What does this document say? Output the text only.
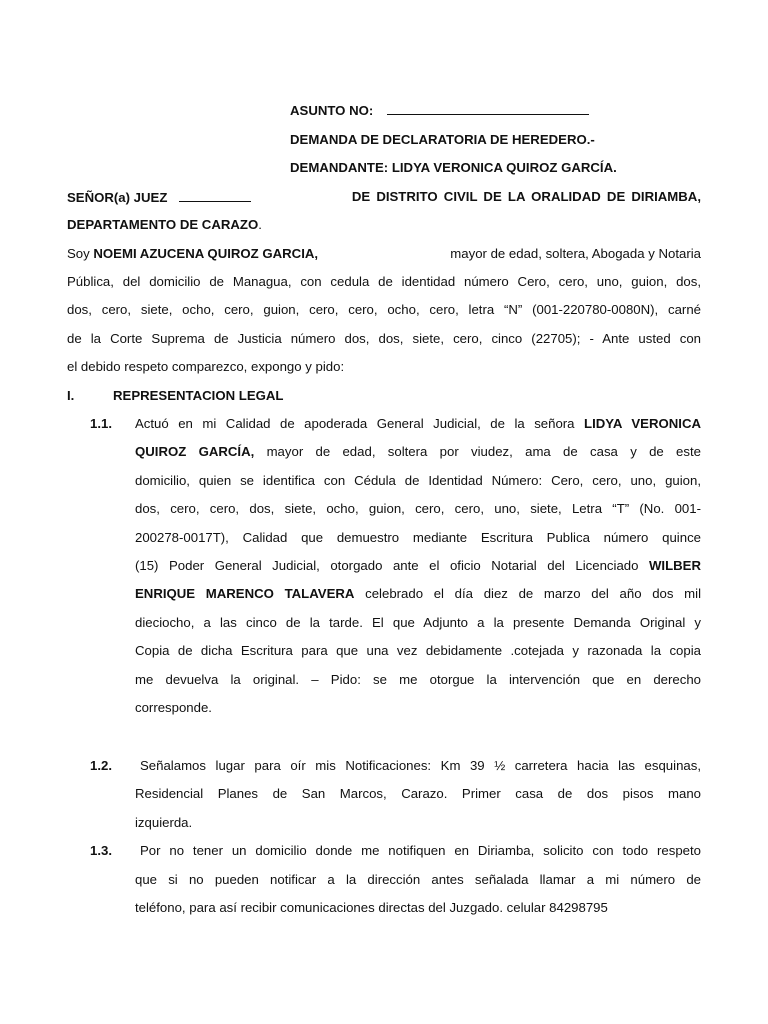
ASUNTO NO:
DEMANDA DE DECLARATORIA DE HEREDERO.-
DEMANDANTE: LIDYA VERONICA QUIROZ GARCÍA.
SEÑOR(a) JUEZ	DE DISTRITO CIVIL DE LA ORALIDAD DE DIRIAMBA,
DEPARTAMENTO DE CARAZO.
Soy NOEMI AZUCENA QUIROZ GARCIA,	mayor de edad, soltera, Abogada y Notaria
Pública, del domicilio de Managua, con cedula de identidad número Cero, cero, uno, guion, dos,
dos, cero, siete, ocho, cero, guion, cero, cero, ocho, cero, letra “N” (001-220780-0080N), carné
de la Corte Suprema de Justicia número dos, dos, siete, cero, cinco (22705); - Ante usted con
el debido respeto comparezco, expongo y pido:
I.	REPRESENTACION LEGAL
1.1. Actuó en mi Calidad de apoderada General Judicial, de la señora LIDYA VERONICA
QUIROZ GARCÍA, mayor de edad, soltera por viudez, ama de casa y de este
domicilio, quien se identifica con Cédula de Identidad Número: Cero, cero, uno, guion,
dos, cero, cero, dos, siete, ocho, guion, cero, cero, uno, siete, Letra “T” (No. 001-
200278-0017T), Calidad que demuestro mediante Escritura Publica número quince
(15) Poder General Judicial, otorgado ante el oficio Notarial del Licenciado WILBER
ENRIQUE MARENCO TALAVERA celebrado el día diez de marzo del año dos mil
dieciocho, a las cinco de la tarde. El que Adjunto a la presente Demanda Original y
Copia de dicha Escritura para que una vez debidamente .cotejada y razonada la copia
me devuelva la original. – Pido: se me otorgue la intervención que en derecho
corresponde.
1.2. Señalamos lugar para oír mis Notificaciones: Km 39 ½ carretera hacia las esquinas,
Residencial Planes de San Marcos, Carazo. Primer casa de dos pisos mano
izquierda.
1.3. Por no tener un domicilio donde me notifiquen en Diriamba, solicito con todo respeto
que si no pueden notificar a la dirección antes señalada llamar a mi número de
teléfono, para así recibir comunicaciones directas del Juzgado. celular 84298795
